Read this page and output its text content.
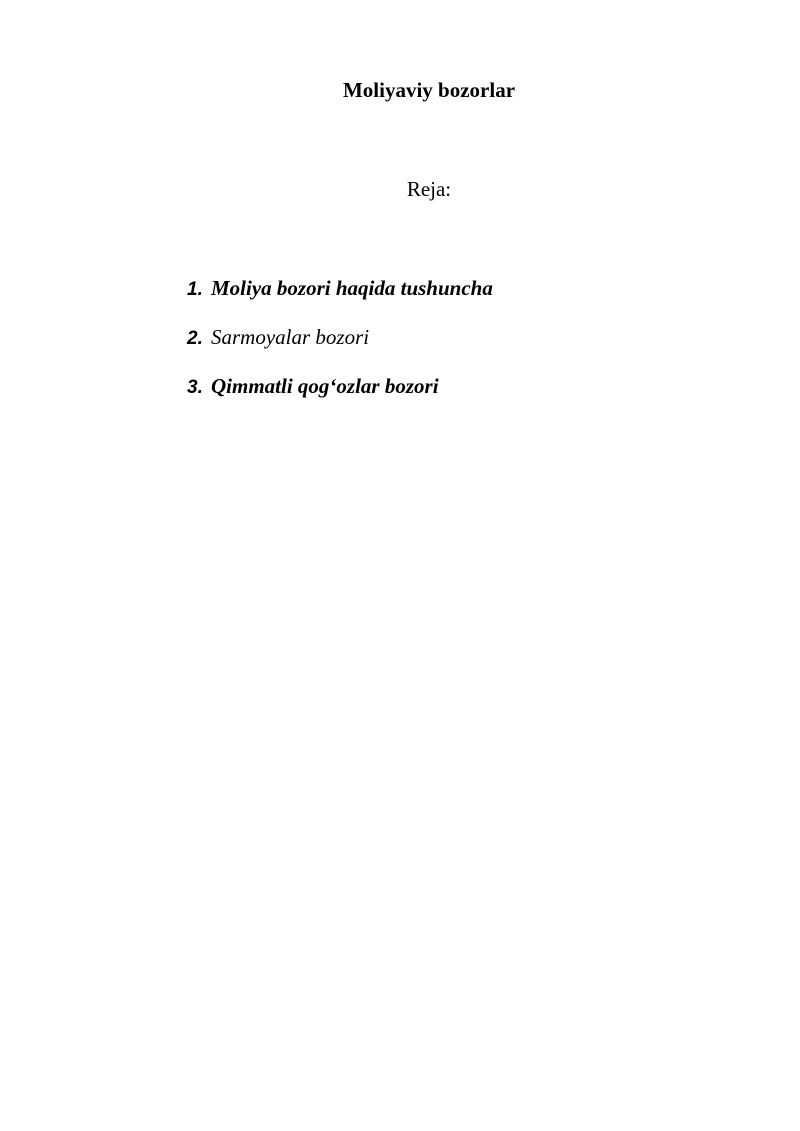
Moliyaviy bozorlar
Reja:
1. Moliya bozori haqida tushuncha
2. Sarmoyalar bozori
3. Qimmatli qog‘ozlar bozori
